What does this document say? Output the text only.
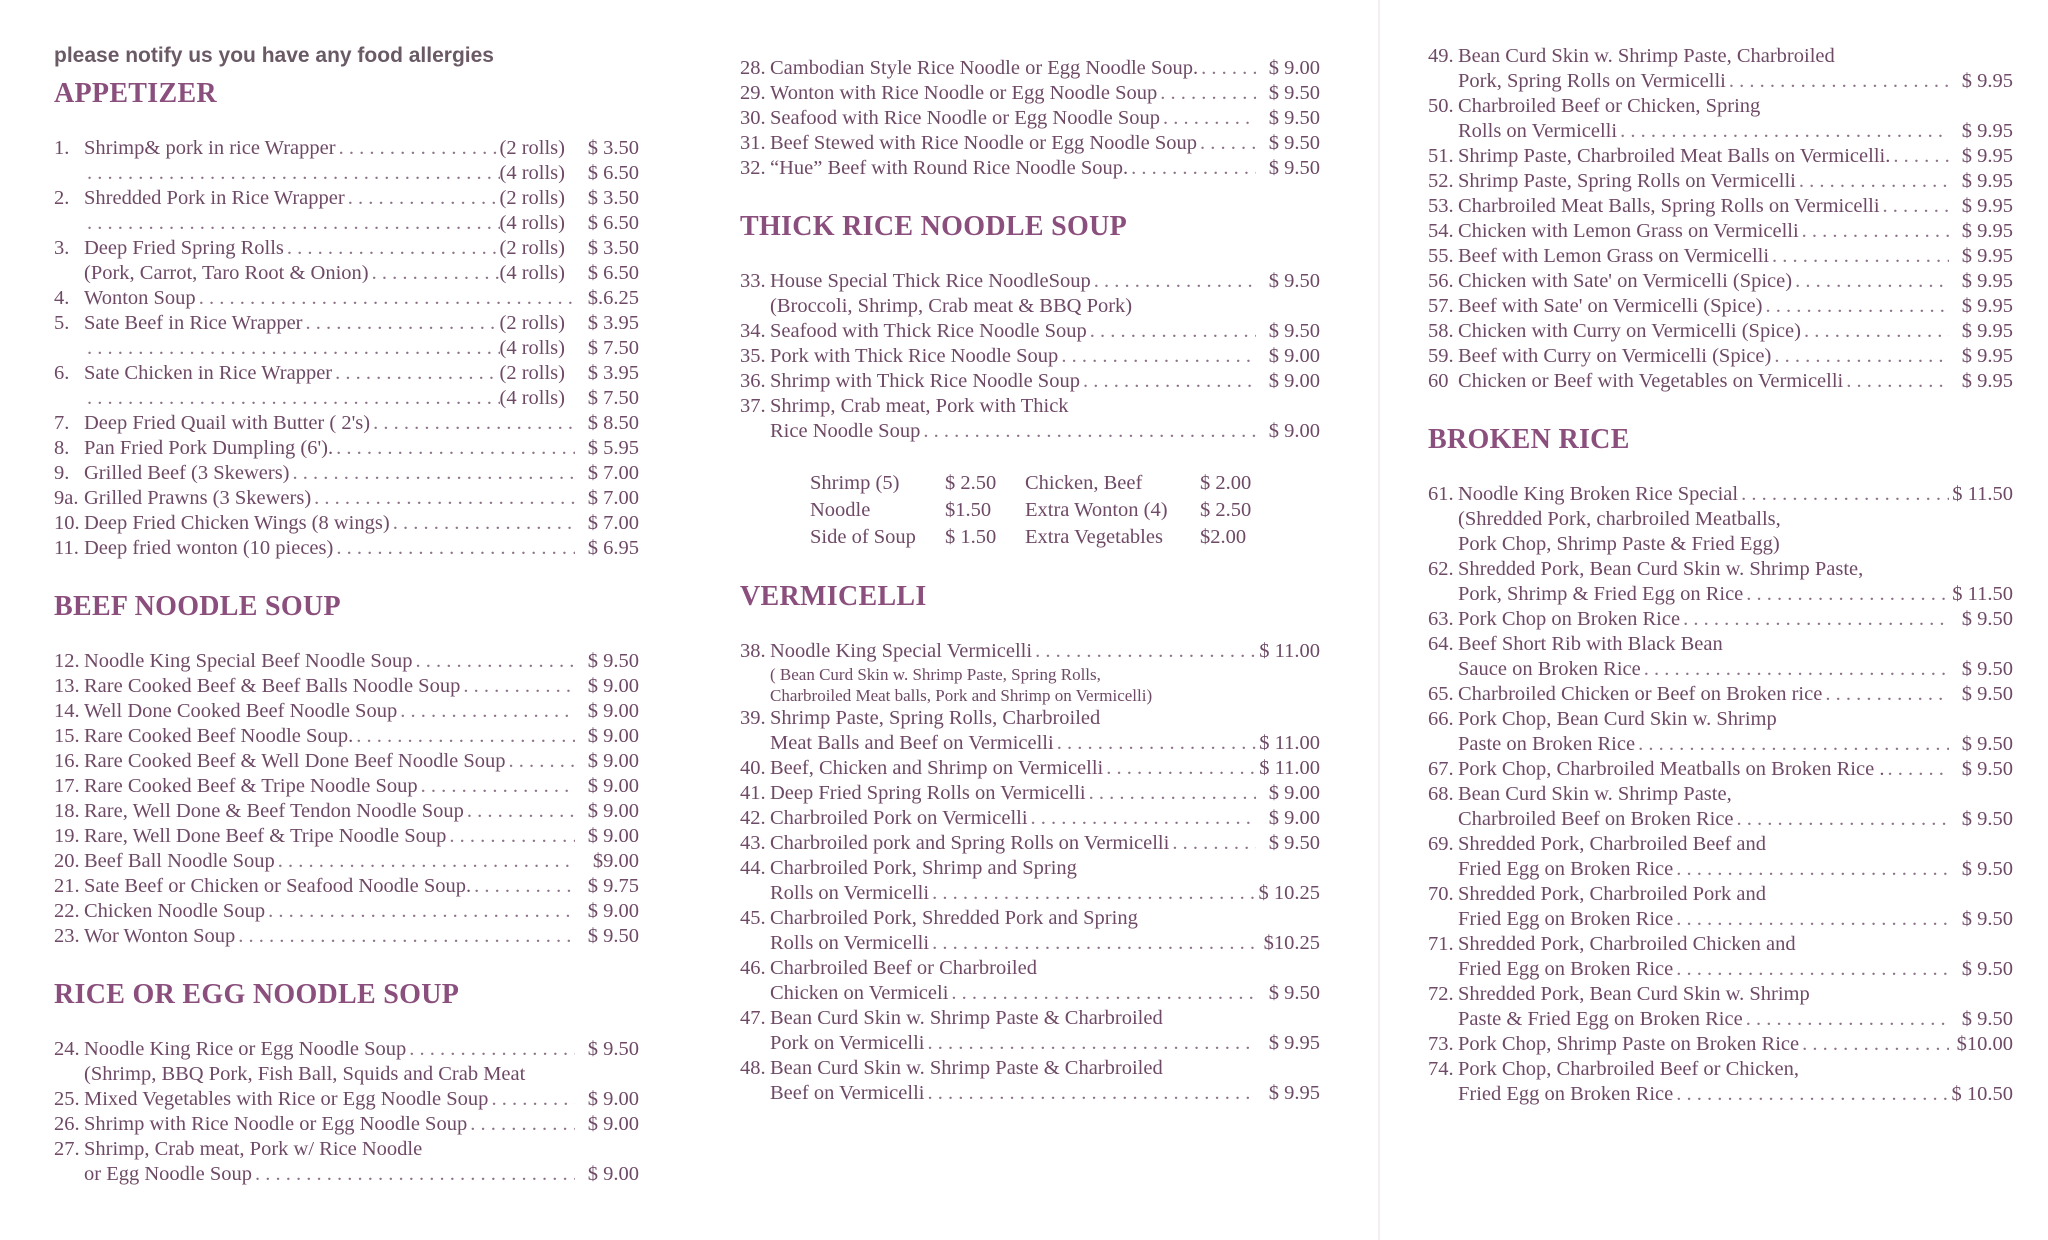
please notify us you have any food allergies
APPETIZER
1. Shrimp& pork in rice Wrapper . . .	(2 rolls)	$ 3.50
. . .
(4 rolls)	$ 6.50
2. Shredded Pork in Rice Wrapper . . .	(2 rolls)	$ 3.50
. . .
(4 rolls)	$ 6.50
3. Deep Fried Spring Rolls . . .	(2 rolls)	$ 3.50
(Pork, Carrot, Taro Root & Onion) . . .	(4 rolls)	$ 6.50
4. Wonton Soup . . .	$.6.25
5. Sate Beef in Rice Wrapper . . .	(2 rolls)	$ 3.95
. . .
(4 rolls)	$ 7.50
6. Sate Chicken in Rice Wrapper . . .	(2 rolls)	$ 3.95
. . .
(4 rolls)	$ 7.50
7. Deep Fried Quail with Butter ( 2's) . . .	$ 8.50
8. Pan Fried Pork Dumpling (6'). . . .	$ 5.95
9. Grilled Beef (3 Skewers) . . .	$ 7.00
9a. Grilled Prawns (3 Skewers) . . .	$ 7.00
10. Deep Fried Chicken Wings (8 wings) . . .	$ 7.00
11. Deep fried wonton (10 pieces) . . .	$ 6.95
BEEF NOODLE SOUP
12. Noodle King Special Beef Noodle Soup . . .	$ 9.50
13. Rare Cooked Beef & Beef Balls Noodle Soup . . .	$ 9.00
14. Well Done Cooked Beef Noodle Soup . . .	$ 9.00
15. Rare Cooked Beef Noodle Soup. . . .	$ 9.00
16. Rare Cooked Beef & Well Done Beef Noodle Soup . . .	$ 9.00
17. Rare Cooked Beef & Tripe Noodle Soup . . .	$ 9.00
18. Rare, Well Done & Beef Tendon Noodle Soup . . .	$ 9.00
19. Rare, Well Done Beef & Tripe Noodle Soup . . .	$ 9.00
20. Beef Ball Noodle Soup . . .	$9.00
21. Sate Beef or Chicken or Seafood Noodle Soup. . . .	$ 9.75
22. Chicken Noodle Soup . . .	$ 9.00
23. Wor Wonton Soup . . .	$ 9.50
RICE OR EGG NOODLE SOUP
24. Noodle King Rice or Egg Noodle Soup . . .	$ 9.50
(Shrimp, BBQ Pork, Fish Ball, Squids and Crab Meat
25. Mixed Vegetables with Rice or Egg Noodle Soup . . .	$ 9.00
26. Shrimp with Rice Noodle or Egg Noodle Soup . . .	$ 9.00
27. Shrimp, Crab meat, Pork w/ Rice Noodle
or Egg Noodle Soup . . .	$ 9.00
28. Cambodian Style Rice Noodle or Egg Noodle Soup. . . .	$ 9.00
29. Wonton with Rice Noodle or Egg Noodle Soup . . .	$ 9.50
30. Seafood with Rice Noodle or Egg Noodle Soup . . .	$ 9.50
31. Beef Stewed with Rice Noodle or Egg Noodle Soup . . .	$ 9.50
32. “Hue” Beef with Round Rice Noodle Soup. . . .	$ 9.50
THICK RICE NOODLE SOUP
33. House Special Thick Rice NoodleSoup . . .	$ 9.50
(Broccoli, Shrimp, Crab meat & BBQ Pork)
34. Seafood with Thick Rice Noodle Soup . . .	$ 9.50
35. Pork with Thick Rice Noodle Soup . . .	$ 9.00
36. Shrimp with Thick Rice Noodle Soup . . .	$ 9.00
37. Shrimp, Crab meat, Pork with Thick
Rice Noodle Soup . . .	$ 9.00
Shrimp (5)	$ 2.50	Chicken, Beef	$ 2.00
Noodle	$1.50	Extra Wonton (4)	$ 2.50
Side of Soup	$ 1.50	Extra Vegetables	$2.00
VERMICELLI
38. Noodle King Special Vermicelli . . .	$ 11.00
( Bean Curd Skin w. Shrimp Paste, Spring Rolls,
Charbroiled Meat balls, Pork and Shrimp on Vermicelli)
39. Shrimp Paste, Spring Rolls, Charbroiled
Meat Balls and Beef on Vermicelli . . .	$ 11.00
40. Beef, Chicken and Shrimp on Vermicelli . . .	$ 11.00
41. Deep Fried Spring Rolls on Vermicelli . . .	$ 9.00
42. Charbroiled Pork on Vermicelli . . .	$ 9.00
43. Charbroiled pork and Spring Rolls on Vermicelli . . .	$ 9.50
44. Charbroiled Pork, Shrimp and Spring
Rolls on Vermicelli . . .	$ 10.25
45. Charbroiled Pork, Shredded Pork and Spring
Rolls on Vermicelli . . .	$10.25
46. Charbroiled Beef or Charbroiled
Chicken on Vermiceli . . .	$ 9.50
47. Bean Curd Skin w. Shrimp Paste & Charbroiled
Pork on Vermicelli . . .	$ 9.95
48. Bean Curd Skin w. Shrimp Paste & Charbroiled
Beef on Vermicelli . . .	$ 9.95
49. Bean Curd Skin w. Shrimp Paste, Charbroiled
Pork, Spring Rolls on Vermicelli . . .	$ 9.95
50. Charbroiled Beef or Chicken, Spring
Rolls on Vermicelli . . .	$ 9.95
51. Shrimp Paste, Charbroiled Meat Balls on Vermicelli. . . .	$ 9.95
52. Shrimp Paste, Spring Rolls on Vermicelli . . .	$ 9.95
53. Charbroiled Meat Balls, Spring Rolls on Vermicelli . . .	$ 9.95
54. Chicken with Lemon Grass on Vermicelli . . .	$ 9.95
55. Beef with Lemon Grass on Vermicelli . . .	$ 9.95
56. Chicken with Sate' on Vermicelli (Spice) . . .	$ 9.95
57. Beef with Sate' on Vermicelli (Spice) . . .	$ 9.95
58. Chicken with Curry on Vermicelli (Spice) . . .	$ 9.95
59. Beef with Curry on Vermicelli (Spice) . . .	$ 9.95
60 Chicken or Beef with Vegetables on Vermicelli . . .	$ 9.95
BROKEN RICE
61. Noodle King Broken Rice Special . . .	$ 11.50
(Shredded Pork, charbroiled Meatballs,
Pork Chop, Shrimp Paste & Fried Egg)
62. Shredded Pork, Bean Curd Skin w. Shrimp Paste,
Pork, Shrimp & Fried Egg on Rice . . .	$ 11.50
63. Pork Chop on Broken Rice . . .	$ 9.50
64. Beef Short Rib with Black Bean
Sauce on Broken Rice . . .	$ 9.50
65. Charbroiled Chicken or Beef on Broken rice . . .	$ 9.50
66. Pork Chop, Bean Curd Skin w. Shrimp
Paste on Broken Rice . . .	$ 9.50
67. Pork Chop, Charbroiled Meatballs on Broken Rice . . . .	$ 9.50
68. Bean Curd Skin w. Shrimp Paste,
Charbroiled Beef on Broken Rice . . .	$ 9.50
69. Shredded Pork, Charbroiled Beef and
Fried Egg on Broken Rice . . .	$ 9.50
70. Shredded Pork, Charbroiled Pork and
Fried Egg on Broken Rice . . .	$ 9.50
71. Shredded Pork, Charbroiled Chicken and
Fried Egg on Broken Rice . . .	$ 9.50
72. Shredded Pork, Bean Curd Skin w. Shrimp
Paste & Fried Egg on Broken Rice . . .	$ 9.50
73. Pork Chop, Shrimp Paste on Broken Rice . . .	$10.00
74. Pork Chop, Charbroiled Beef or Chicken,
Fried Egg on Broken Rice . . .	$ 10.50
